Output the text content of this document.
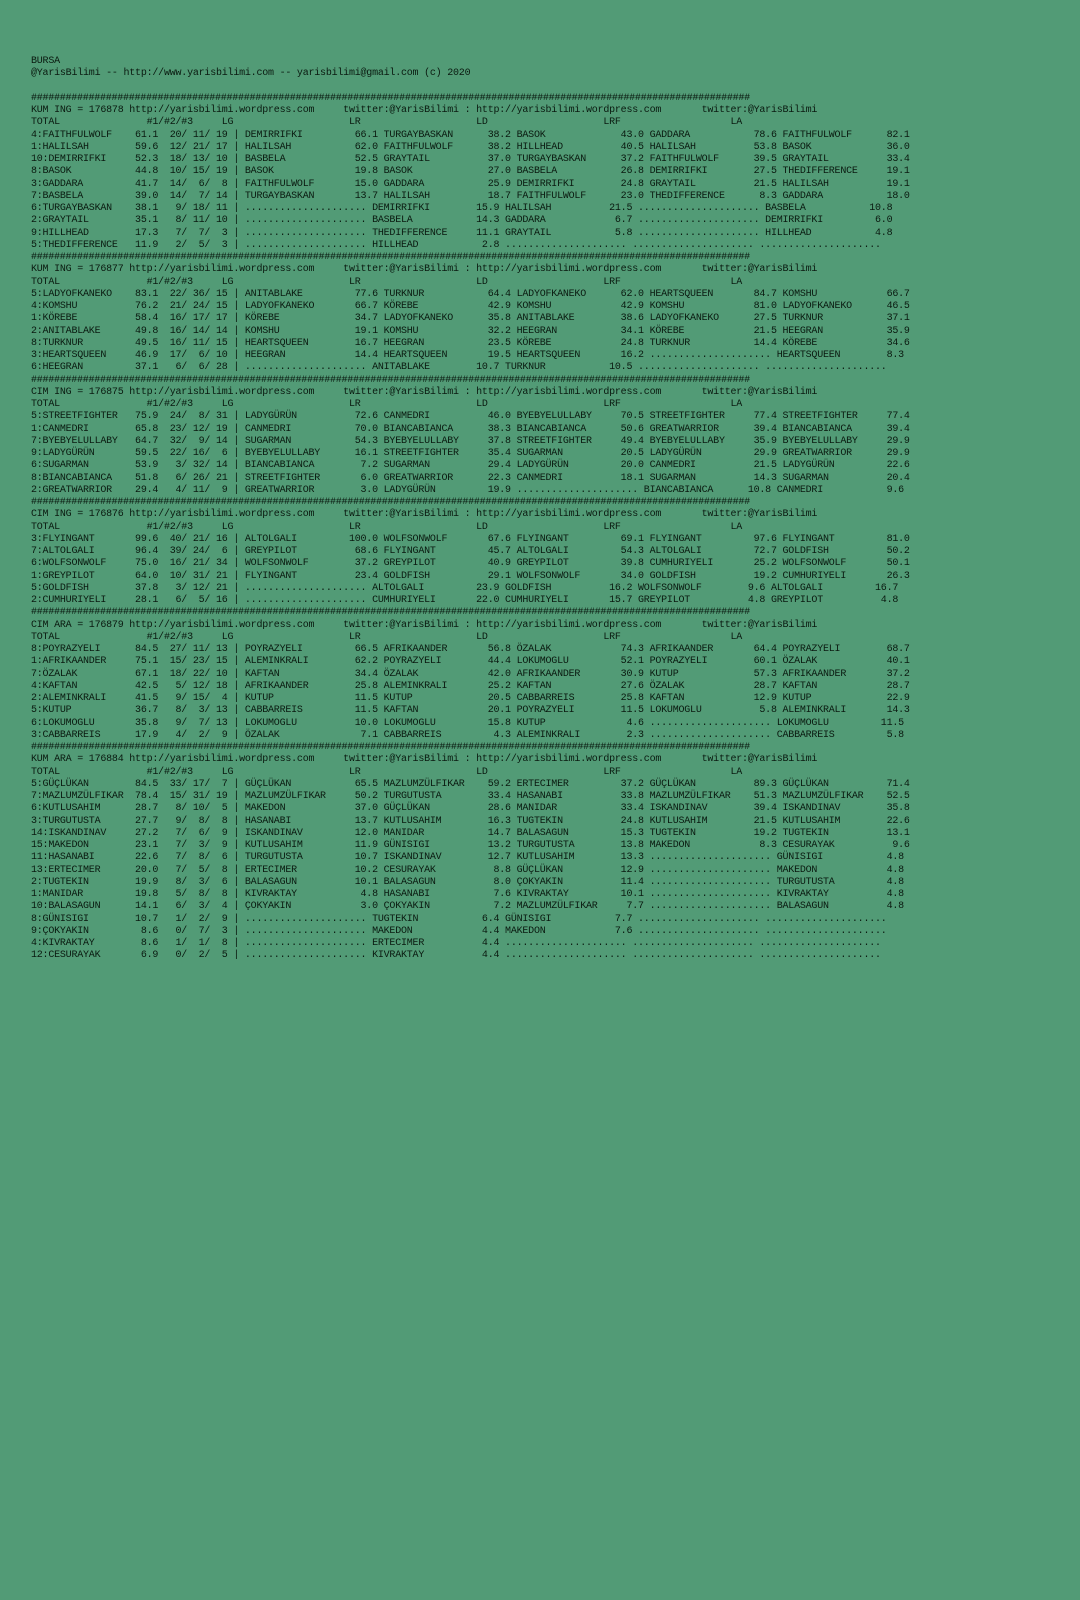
BURSA
@YarisBilimi -- http://www.yarisbilimi.com -- yarisbilimi@gmail.com (c) 2020

#############################################################################################################################
KUM ING = 176878 http://yarisbilimi.wordpress.com     twitter:@YarisBilimi : http://yarisbilimi.wordpress.com       twitter:@YarisBilimi
TOTAL               #1/#2/#3     LG                    LR                    LD                    LRF                   LA
4:FAITHFULWOLF    61.1  20/ 11/ 19 | DEMIRRIFKI         66.1 TURGAYBASKAN      38.2 BASOK             43.0 GADDARA           78.6 FAITHFULWOLF      82.1
1:HALILSAH        59.6  12/ 21/ 17 | HALILSAH           62.0 FAITHFULWOLF      38.2 HILLHEAD          40.5 HALILSAH          53.8 BASOK             36.0
10:DEMIRRIFKI     52.3  18/ 13/ 10 | BASBELA            52.5 GRAYTAIL          37.0 TURGAYBASKAN      37.2 FAITHFULWOLF      39.5 GRAYTAIL          33.4
8:BASOK           44.8  10/ 15/ 19 | BASOK              19.8 BASOK             27.0 BASBELA           26.8 DEMIRRIFKI        27.5 THEDIFFERENCE     19.1
3:GADDARA         41.7  14/  6/  8 | FAITHFULWOLF       15.0 GADDARA           25.9 DEMIRRIFKI        24.8 GRAYTAIL          21.5 HALILSAH          19.1
7:BASBELA         39.0  14/  7/ 14 | TURGAYBASKAN       13.7 HALILSAH          18.7 FAITHFULWOLF      23.0 THEDIFFERENCE      8.3 GADDARA           18.0
6:TURGAYBASKAN    38.1   9/ 18/ 11 | ..................... DEMIRRIFKI        15.9 HALILSAH          21.5 ..................... BASBELA           10.8
2:GRAYTAIL        35.1   8/ 11/ 10 | ..................... BASBELA           14.3 GADDARA            6.7 ..................... DEMIRRIFKI         6.0
9:HILLHEAD        17.3   7/  7/  3 | ..................... THEDIFFERENCE     11.1 GRAYTAIL           5.8 ..................... HILLHEAD           4.8
5:THEDIFFERENCE   11.9   2/  5/  3 | ..................... HILLHEAD           2.8 ..................... ..................... .....................
#############################################################################################################################
KUM ING = 176877 http://yarisbilimi.wordpress.com     twitter:@YarisBilimi : http://yarisbilimi.wordpress.com       twitter:@YarisBilimi
TOTAL               #1/#2/#3     LG                    LR                    LD                    LRF                   LA
5:LADYOFKANEKO    83.1  22/ 36/ 15 | ANITABLAKE         77.6 TURKNUR           64.4 LADYOFKANEKO      62.0 HEARTSQUEEN       84.7 KOMSHU            66.7
4:KOMSHU          76.2  21/ 24/ 15 | LADYOFKANEKO       66.7 KÖREBE            42.9 KOMSHU            42.9 KOMSHU            81.0 LADYOFKANEKO      46.5
1:KÖREBE          58.4  16/ 17/ 17 | KÖREBE             34.7 LADYOFKANEKO      35.8 ANITABLAKE        38.6 LADYOFKANEKO      27.5 TURKNUR           37.1
2:ANITABLAKE      49.8  16/ 14/ 14 | KOMSHU             19.1 KOMSHU            32.2 HEEGRAN           34.1 KÖREBE            21.5 HEEGRAN           35.9
8:TURKNUR         49.5  16/ 11/ 15 | HEARTSQUEEN        16.7 HEEGRAN           23.5 KÖREBE            24.8 TURKNUR           14.4 KÖREBE            34.6
3:HEARTSQUEEN     46.9  17/  6/ 10 | HEEGRAN            14.4 HEARTSQUEEN       19.5 HEARTSQUEEN       16.2 ..................... HEARTSQUEEN        8.3
6:HEEGRAN         37.1   6/  6/ 28 | ..................... ANITABLAKE        10.7 TURKNUR           10.5 ..................... .....................
#############################################################################################################################
CIM ING = 176875 http://yarisbilimi.wordpress.com     twitter:@YarisBilimi : http://yarisbilimi.wordpress.com       twitter:@YarisBilimi
TOTAL               #1/#2/#3     LG                    LR                    LD                    LRF                   LA
5:STREETFIGHTER   75.9  24/  8/ 31 | LADYGÜRÜN          72.6 CANMEDRI          46.0 BYEBYELULLABY     70.5 STREETFIGHTER     77.4 STREETFIGHTER     77.4
1:CANMEDRI        65.8  23/ 12/ 19 | CANMEDRI           70.0 BIANCABIANCA      38.3 BIANCABIANCA      50.6 GREATWARRIOR      39.4 BIANCABIANCA      39.4
7:BYEBYELULLABY   64.7  32/  9/ 14 | SUGARMAN           54.3 BYEBYELULLABY     37.8 STREETFIGHTER     49.4 BYEBYELULLABY     35.9 BYEBYELULLABY     29.9
9:LADYGÜRÜN       59.5  22/ 16/  6 | BYEBYELULLABY      16.1 STREETFIGHTER     35.4 SUGARMAN          20.5 LADYGÜRÜN         29.9 GREATWARRIOR      29.9
6:SUGARMAN        53.9   3/ 32/ 14 | BIANCABIANCA        7.2 SUGARMAN          29.4 LADYGÜRÜN         20.0 CANMEDRI          21.5 LADYGÜRÜN         22.6
8:BIANCABIANCA    51.8   6/ 26/ 21 | STREETFIGHTER       6.0 GREATWARRIOR      22.3 CANMEDRI          18.1 SUGARMAN          14.3 SUGARMAN          20.4
2:GREATWARRIOR    29.4   4/ 11/  9 | GREATWARRIOR        3.0 LADYGÜRÜN         19.9 ..................... BIANCABIANCA      10.8 CANMEDRI           9.6
#############################################################################################################################
CIM ING = 176876 http://yarisbilimi.wordpress.com     twitter:@YarisBilimi : http://yarisbilimi.wordpress.com       twitter:@YarisBilimi
TOTAL               #1/#2/#3     LG                    LR                    LD                    LRF                   LA
3:FLYINGANT       99.6  40/ 21/ 16 | ALTOLGALI         100.0 WOLFSONWOLF       67.6 FLYINGANT         69.1 FLYINGANT         97.6 FLYINGANT         81.0
7:ALTOLGALI       96.4  39/ 24/  6 | GREYPILOT          68.6 FLYINGANT         45.7 ALTOLGALI         54.3 ALTOLGALI         72.7 GOLDFISH          50.2
6:WOLFSONWOLF     75.0  16/ 21/ 34 | WOLFSONWOLF        37.2 GREYPILOT         40.9 GREYPILOT         39.8 CUMHURIYELI       25.2 WOLFSONWOLF       50.1
1:GREYPILOT       64.0  10/ 31/ 21 | FLYINGANT          23.4 GOLDFISH          29.1 WOLFSONWOLF       34.0 GOLDFISH          19.2 CUMHURIYELI       26.3
5:GOLDFISH        37.8   3/ 12/ 21 | ..................... ALTOLGALI         23.9 GOLDFISH          16.2 WOLFSONWOLF        9.6 ALTOLGALI         16.7
2:CUMHURIYELI     28.1   6/  5/ 16 | ..................... CUMHURIYELI       22.0 CUMHURIYELI       15.7 GREYPILOT          4.8 GREYPILOT          4.8
#############################################################################################################################
CIM ARA = 176879 http://yarisbilimi.wordpress.com     twitter:@YarisBilimi : http://yarisbilimi.wordpress.com       twitter:@YarisBilimi
TOTAL               #1/#2/#3     LG                    LR                    LD                    LRF                   LA
8:POYRAZYELI      84.5  27/ 11/ 13 | POYRAZYELI         66.5 AFRIKAANDER       56.8 ÖZALAK            74.3 AFRIKAANDER       64.4 POYRAZYELI        68.7
1:AFRIKAANDER     75.1  15/ 23/ 15 | ALEMINKRALI        62.2 POYRAZYELI        44.4 LOKUMOGLU         52.1 POYRAZYELI        60.1 ÖZALAK            40.1
7:ÖZALAK          67.1  18/ 22/ 10 | KAFTAN             34.4 ÖZALAK            42.0 AFRIKAANDER       30.9 KUTUP             57.3 AFRIKAANDER       37.2
4:KAFTAN          42.5   5/ 12/ 18 | AFRIKAANDER        25.8 ALEMINKRALI       25.2 KAFTAN            27.6 ÖZALAK            28.7 KAFTAN            28.7
2:ALEMINKRALI     41.5   9/ 15/  4 | KUTUP              11.5 KUTUP             20.5 CABBARREIS        25.8 KAFTAN            12.9 KUTUP             22.9
5:KUTUP           36.7   8/  3/ 13 | CABBARREIS         11.5 KAFTAN            20.1 POYRAZYELI        11.5 LOKUMOGLU          5.8 ALEMINKRALI       14.3
6:LOKUMOGLU       35.8   9/  7/ 13 | LOKUMOGLU          10.0 LOKUMOGLU         15.8 KUTUP              4.6 ..................... LOKUMOGLU         11.5
3:CABBARREIS      17.9   4/  2/  9 | ÖZALAK              7.1 CABBARREIS         4.3 ALEMINKRALI        2.3 ..................... CABBARREIS         5.8
#############################################################################################################################
KUM ARA = 176884 http://yarisbilimi.wordpress.com     twitter:@YarisBilimi : http://yarisbilimi.wordpress.com       twitter:@YarisBilimi
TOTAL               #1/#2/#3     LG                    LR                    LD                    LRF                   LA
5:GÜÇLÜKAN        84.5  33/ 17/  7 | GÜÇLÜKAN           65.5 MAZLUMZÜLFIKAR    59.2 ERTECIMER         37.2 GÜÇLÜKAN          89.3 GÜÇLÜKAN          71.4
7:MAZLUMZÜLFIKAR  78.4  15/ 31/ 19 | MAZLUMZÜLFIKAR     50.2 TURGUTUSTA        33.4 HASANABI          33.8 MAZLUMZÜLFIKAR    51.3 MAZLUMZÜLFIKAR    52.5
6:KUTLUSAHIM      28.7   8/ 10/  5 | MAKEDON            37.0 GÜÇLÜKAN          28.6 MANIDAR           33.4 ISKANDINAV        39.4 ISKANDINAV        35.8
3:TURGUTUSTA      27.7   9/  8/  8 | HASANABI           13.7 KUTLUSAHIM        16.3 TUGTEKIN          24.8 KUTLUSAHIM        21.5 KUTLUSAHIM        22.6
14:ISKANDINAV     27.2   7/  6/  9 | ISKANDINAV         12.0 MANIDAR           14.7 BALASAGUN         15.3 TUGTEKIN          19.2 TUGTEKIN          13.1
15:MAKEDON        23.1   7/  3/  9 | KUTLUSAHIM         11.9 GÜNISIGI          13.2 TURGUTUSTA        13.8 MAKEDON            8.3 CESURAYAK          9.6
11:HASANABI       22.6   7/  8/  6 | TURGUTUSTA         10.7 ISKANDINAV        12.7 KUTLUSAHIM        13.3 ..................... GÜNISIGI           4.8
13:ERTECIMER      20.0   7/  5/  8 | ERTECIMER          10.2 CESURAYAK          8.8 GÜÇLÜKAN          12.9 ..................... MAKEDON            4.8
2:TUGTEKIN        19.9   8/  3/  6 | BALASAGUN          10.1 BALASAGUN          8.0 ÇOKYAKIN          11.4 ..................... TURGUTUSTA         4.8
1:MANIDAR         19.8   5/  8/  8 | KIVRAKTAY           4.8 HASANABI           7.6 KIVRAKTAY         10.1 ..................... KIVRAKTAY          4.8
10:BALASAGUN      14.1   6/  3/  4 | ÇOKYAKIN            3.0 ÇOKYAKIN           7.2 MAZLUMZÜLFIKAR     7.7 ..................... BALASAGUN          4.8
8:GÜNISIGI        10.7   1/  2/  9 | ..................... TUGTEKIN           6.4 GÜNISIGI           7.7 ..................... .....................
9:ÇOKYAKIN         8.6   0/  7/  3 | ..................... MAKEDON            4.4 MAKEDON            7.6 ..................... .....................
4:KIVRAKTAY        8.6   1/  1/  8 | ..................... ERTECIMER          4.4 ..................... ..................... .....................
12:CESURAYAK       6.9   0/  2/  5 | ..................... KIVRAKTAY          4.4 ..................... ..................... .....................
